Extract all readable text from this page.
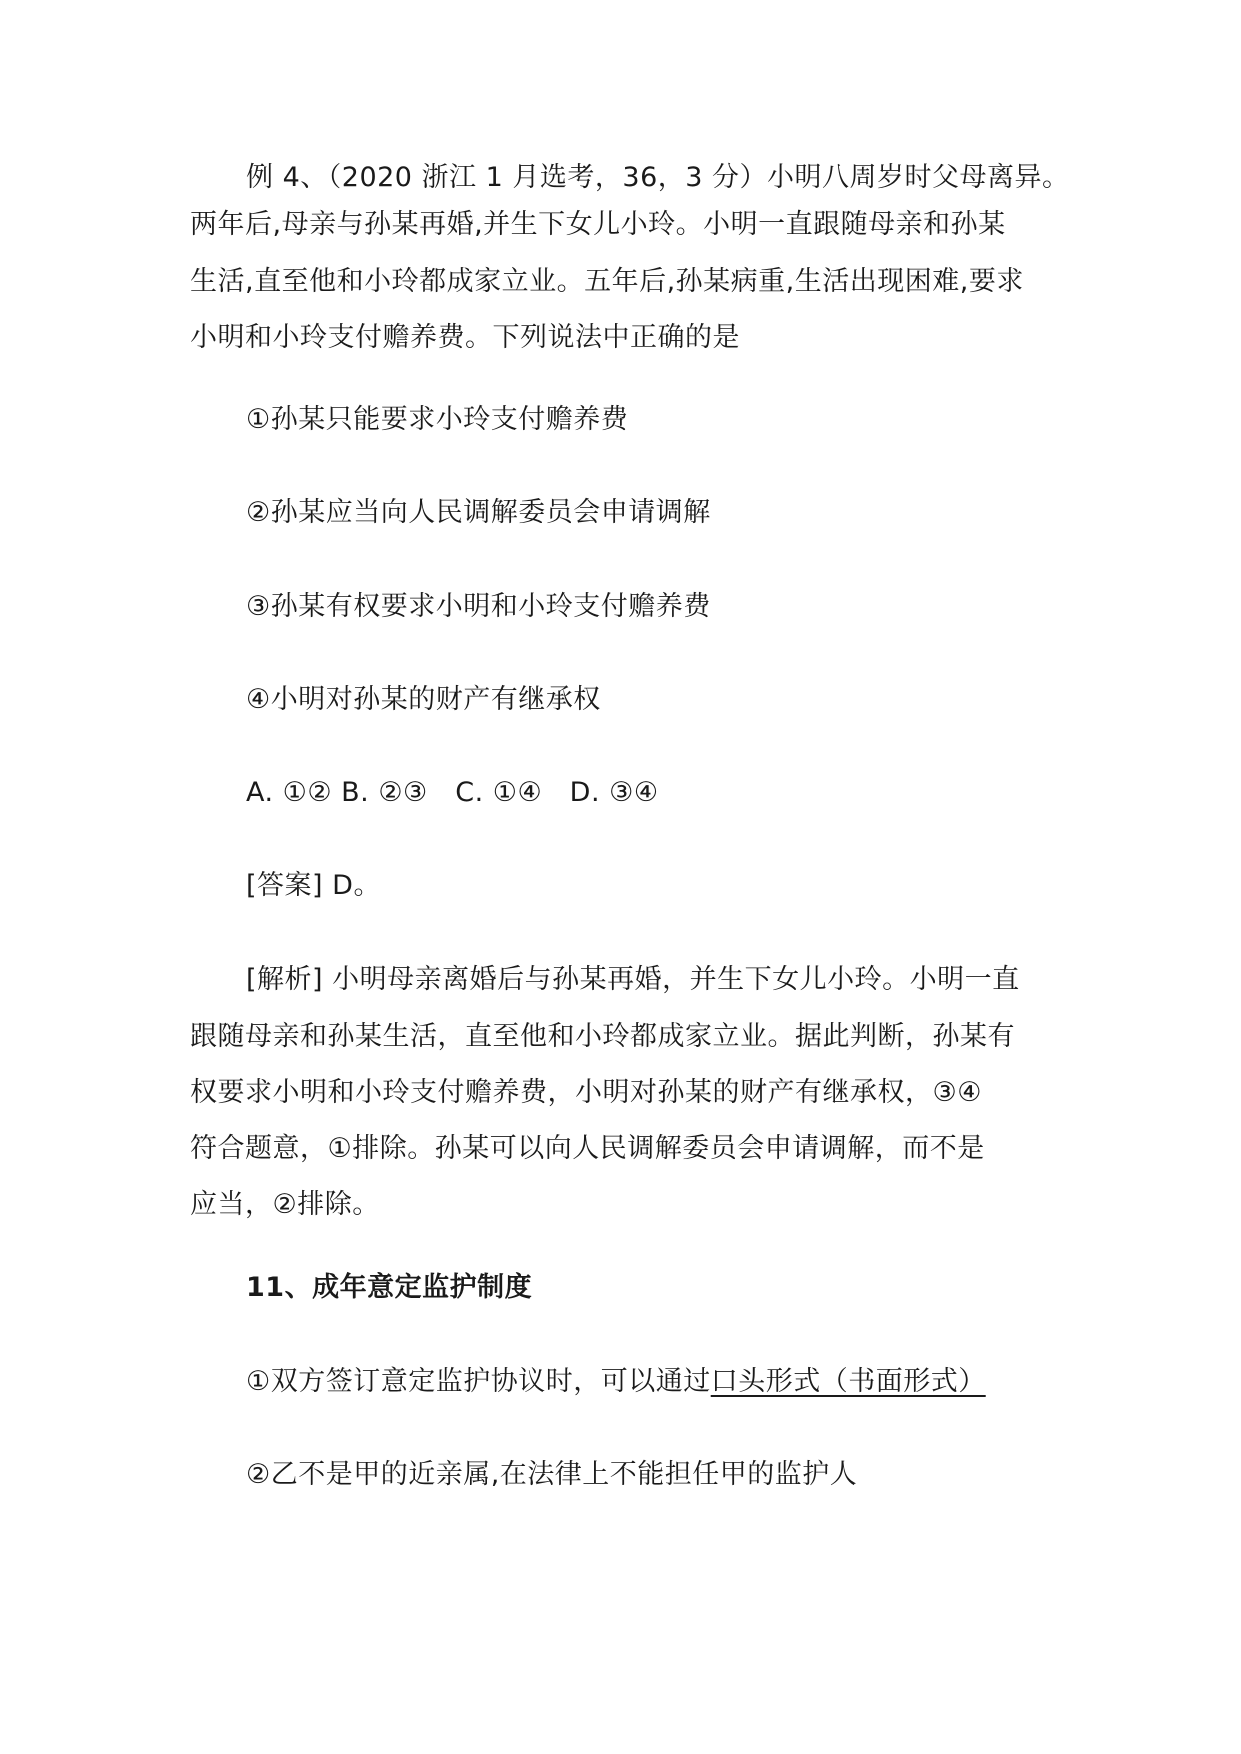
例 4、（2020 浙江 1 月选考，36，3 分）小明八周岁时父母离异。
两年后,母亲与孙某再婚,并生下女儿小玲。小明一直跟随母亲和孙某
生活,直至他和小玲都成家立业。五年后,孙某病重,生活出现困难,要求
小明和小玲支付赡养费。下列说法中正确的是
①孙某只能要求小玲支付赡养费
②孙某应当向人民调解委员会申请调解
③孙某有权要求小明和小玲支付赡养费
④小明对孙某的财产有继承权
A. ①② B. ②③　C. ①④　D. ③④
[答案] D。
[解析] 小明母亲离婚后与孙某再婚，并生下女儿小玲。小明一直
跟随母亲和孙某生活，直至他和小玲都成家立业。据此判断，孙某有
权要求小明和小玲支付赡养费，小明对孙某的财产有继承权，③④
符合题意，①排除。孙某可以向人民调解委员会申请调解，而不是
应当，②排除。
11、成年意定监护制度
①双方签订意定监护协议时，可以通过口头形式（书面形式）
②乙不是甲的近亲属,在法律上不能担任甲的监护人
